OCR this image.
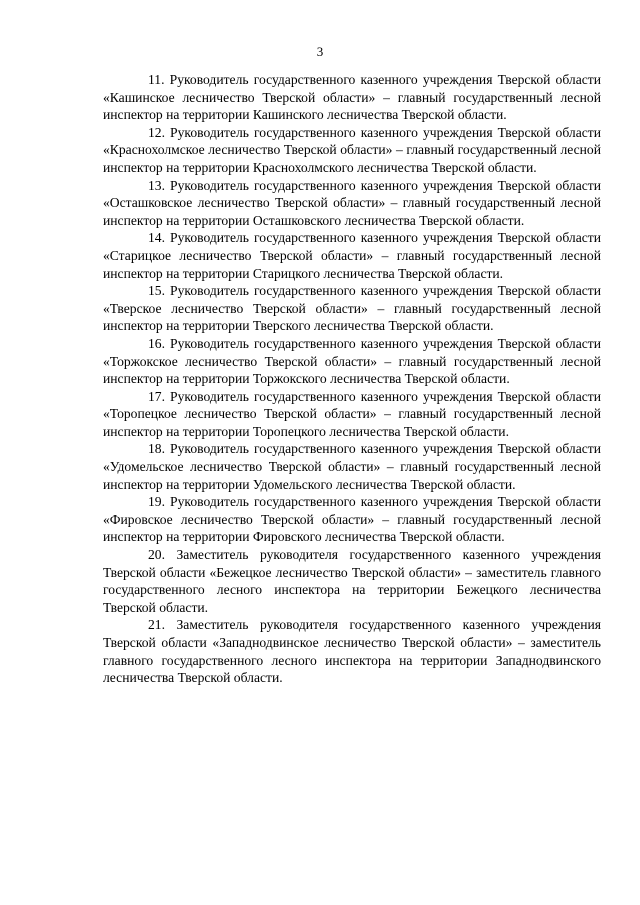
3

11. Руководитель государственного казенного учреждения Тверской области «Кашинское лесничество Тверской области» – главный государственный лесной инспектор на территории Кашинского лесничества Тверской области.

12. Руководитель государственного казенного учреждения Тверской области «Краснохолмское лесничество Тверской области» – главный государственный лесной инспектор на территории Краснохолмского лесничества Тверской области.

13. Руководитель государственного казенного учреждения Тверской области «Осташковское лесничество Тверской области» – главный государственный лесной инспектор на территории Осташковского лесничества Тверской области.

14. Руководитель государственного казенного учреждения Тверской области «Старицкое лесничество Тверской области» – главный государственный лесной инспектор на территории Старицкого лесничества Тверской области.

15. Руководитель государственного казенного учреждения Тверской области «Тверское лесничество Тверской области» – главный государственный лесной инспектор на территории Тверского лесничества Тверской области.

16. Руководитель государственного казенного учреждения Тверской области «Торжокское лесничество Тверской области» – главный государственный лесной инспектор на территории Торжокского лесничества Тверской области.

17. Руководитель государственного казенного учреждения Тверской области «Торопецкое лесничество Тверской области» – главный государственный лесной инспектор на территории Торопецкого лесничества Тверской области.

18. Руководитель государственного казенного учреждения Тверской области «Удомельское лесничество Тверской области» – главный государственный лесной инспектор на территории Удомельского лесничества Тверской области.

19. Руководитель государственного казенного учреждения Тверской области «Фировское лесничество Тверской области» – главный государственный лесной инспектор на территории Фировского лесничества Тверской области.

20. Заместитель руководителя государственного казенного учреждения Тверской области «Бежецкое лесничество Тверской области» – заместитель главного государственного лесного инспектора на территории Бежецкого лесничества Тверской области.

21. Заместитель руководителя государственного казенного учреждения Тверской области «Западнодвинское лесничество Тверской области» – заместитель главного государственного лесного инспектора на территории Западнодвинского лесничества Тверской области.
